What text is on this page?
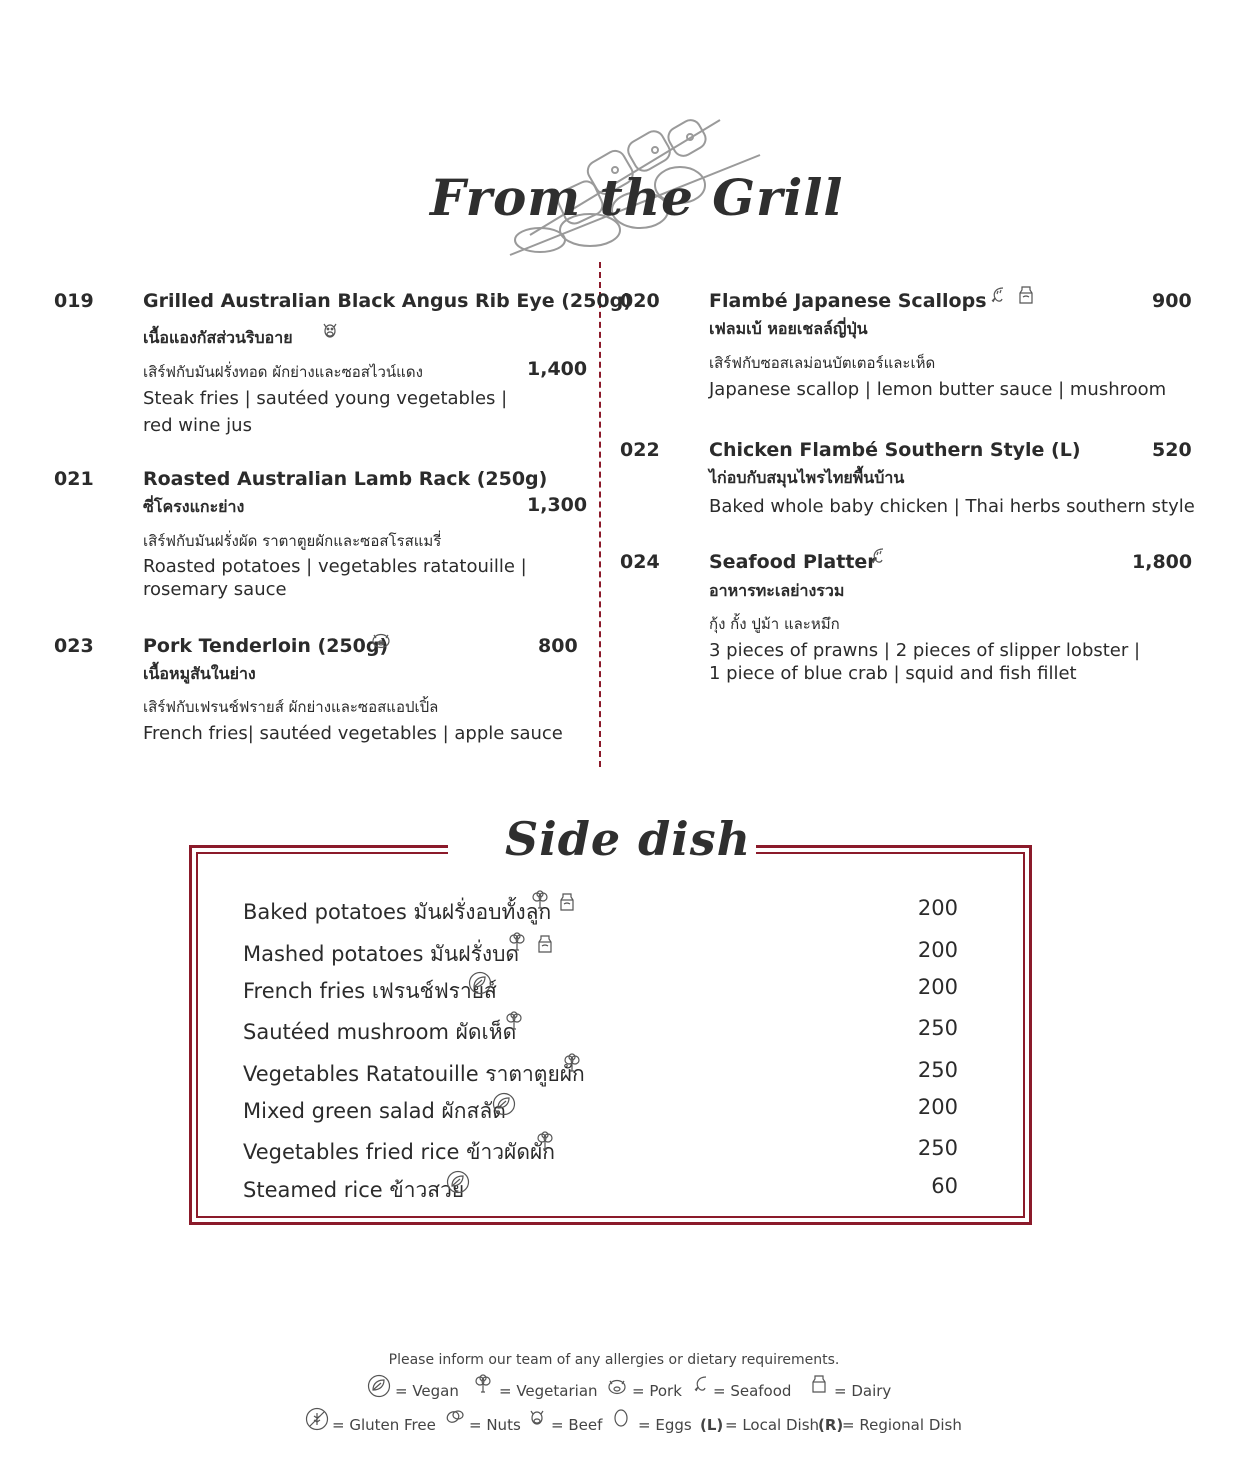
From the Grill
019	Grilled Australian Black Angus Rib Eye (250g)
เนื้อแองกัสส่วนริบอาย
เสิร์ฟกับมันฝรั่งทอด ผักย่างและซอสไวน์แดง	1,400
Steak fries | sautéed young vegetables |
red wine jus
021	Roasted Australian Lamb Rack (250g)
ซี่โครงแกะย่าง	1,300
เสิร์ฟกับมันฝรั่งผัด ราตาตูยผักและซอสโรสแมรี่
Roasted potatoes | vegetables ratatouille |
rosemary sauce
023	Pork Tenderloin (250g)	800
เนื้อหมูสันในย่าง
เสิร์ฟกับเฟรนช์ฟรายส์ ผักย่างและซอสแอปเปิ้ล
French fries| sautéed vegetables | apple sauce
020	Flambé Japanese Scallops	900
เฟลมเบ้ หอยเชลล์ญี่ปุ่น
เสิร์ฟกับซอสเลม่อนบัตเตอร์และเห็ด
Japanese scallop | lemon butter sauce | mushroom
022	Chicken Flambé Southern Style (L)	520
ไก่อบกับสมุนไพรไทยพื้นบ้าน
Baked whole baby chicken | Thai herbs southern style
024	Seafood Platter	1,800
อาหารทะเลย่างรวม
กุ้ง กั้ง ปูม้า และหมึก
3 pieces of prawns | 2 pieces of slipper lobster |
1 piece of blue crab | squid and fish fillet
Side dish
Baked potatoes มันฝรั่งอบทั้งลูก	200
Mashed potatoes มันฝรั่งบด	200
French fries เฟรนช์ฟรายส์	200
Sautéed mushroom ผัดเห็ด	250
Vegetables Ratatouille ราตาตูยผัก	250
Mixed green salad ผักสลัด	200
Vegetables fried rice ข้าวผัดผัก	250
Steamed rice ข้าวสวย	60
Please inform our team of any allergies or dietary requirements.
= Vegan	= Vegetarian = Pork = Seafood	= Dairy
= Gluten Free = Nuts = Beef = Eggs (L) = Local Dish
(R)
= Regional Dish
